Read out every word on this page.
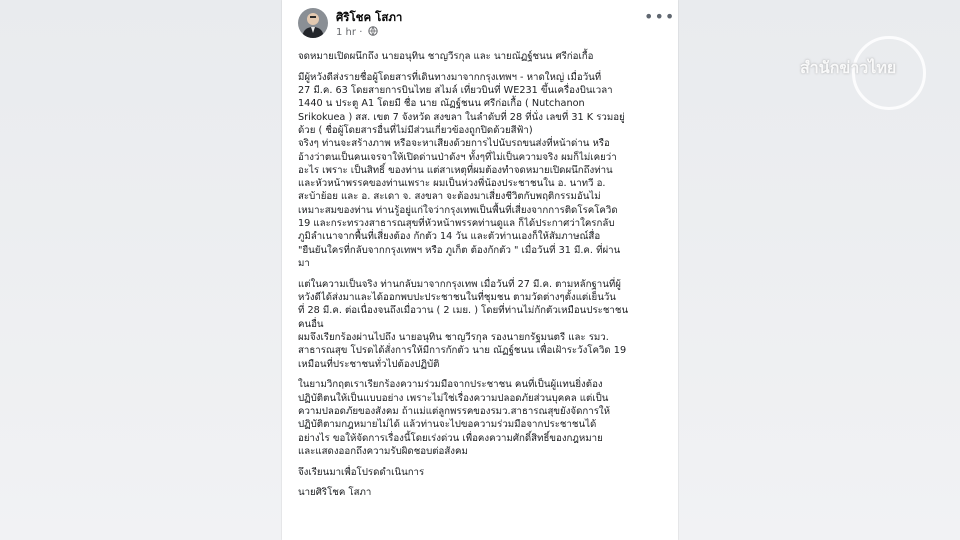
ศิริโชค โสภา
1 hr ·
•••

จดหมายเปิดผนึกถึง นายอนุทิน ชาญวีรกุล และ นายณัฏฐ์ชนน ศรีก่อเกื้อ

มีผู้หวังดีส่งรายชื่อผู้โดยสารที่เดินทางมาจากกรุงเทพฯ - หาดใหญ่ เมื่อวันที่
27 มี.ค. 63 โดยสายการบินไทย สไมล์ เที่ยวบินที่ WE231 ขึ้นเครื่องบินเวลา
1440 น ประตู A1 โดยมี ชื่อ นาย ณัฏฐ์ชนน ศรีก่อเกื้อ ( Nutchanon
Srikokuea ) สส. เขต 7 จังหวัด สงขลา ในลำดับที่ 28 ที่นั่ง เลขที่ 31 K รวมอยู่
ด้วย ( ชื่อผู้โดยสารอื่นที่ไม่มีส่วนเกี่ยวข้องถูกปิดด้วยสีฟ้า)
จริงๆ ท่านจะสร้างภาพ หรือจะหาเสียงด้วยการไปนับรถขนส่งที่หน้าด่าน หรือ
อ้างว่าตนเป็นคนเจรจาให้เปิดด่านป่าดังฯ ทั้งๆที่ไม่เป็นความจริง ผมก็ไม่เคยว่า
อะไร เพราะ เป็นสิทธิ์ ของท่าน แต่สาเหตุที่ผมต้องทำจดหมายเปิดผนึกถึงท่าน
และหัวหน้าพรรคของท่านเพราะ ผมเป็นห่วงพี่น้องประชาชนใน อ. นาทวี อ.
สะบ้าย้อย และ อ. สะเดา จ. สงขลา จะต้องมาเสี่ยงชีวิตกับพฤติกรรมอันไม่
เหมาะสมของท่าน ท่านรู้อยู่แก่ใจว่ากรุงเทพเป็นพื้นที่เสี่ยงจากการติดโรคโควิด
19 และกระทรวงสาธารณสุขที่หัวหน้าพรรคท่านดูแล ก็ได้ประกาศว่าใครกลับ
ภูมิลำเนาจากพื้นที่เสี่ยงต้อง กักตัว 14 วัน และตัวท่านเองก็ให้สัมภาษณ์สื่อ
"ยืนยันใครที่กลับจากกรุงเทพฯ หรือ ภูเก็ต ต้องกักตัว " เมื่อวันที่ 31 มี.ค. ที่ผ่าน
มา

แต่ในความเป็นจริง ท่านกลับมาจากกรุงเทพ เมื่อวันที่ 27 มี.ค. ตามหลักฐานที่ผู้
หวังดีได้ส่งมาและได้ออกพบปะประชาชนในที่ชุมชน ตามวัดต่างๆตั้งแต่เย็นวัน
ที่ 28 มี.ค. ต่อเนื่องจนถึงเมื่อวาน ( 2 เมย. ) โดยที่ท่านไม่กักตัวเหมือนประชาชน
คนอื่น
ผมจึงเรียกร้องผ่านไปถึง นายอนุทิน ชาญวีรกุล รองนายกรัฐมนตรี และ รมว.
สาธารณสุข โปรดได้สั่งการให้มีการกักตัว นาย ณัฏฐ์ชนน เพื่อเฝ้าระวังโควิด 19
เหมือนที่ประชาชนทั่วไปต้องปฏิบัติ

ในยามวิกฤตเราเรียกร้องความร่วมมือจากประชาชน คนที่เป็นผู้แทนยิ่งต้อง
ปฏิบัติตนให้เป็นแบบอย่าง เพราะไม่ใช่เรื่องความปลอดภัยส่วนบุคคล แต่เป็น
ความปลอดภัยของสังคม ถ้าแม่แต่ลูกพรรคของรมว.สาธารณสุขยังจัดการให้
ปฏิบัติตามกฎหมายไม่ได้ แล้วท่านจะไปขอความร่วมมือจากประชาชนได้
อย่างไร ขอให้จัดการเรื่องนี้โดยเร่งด่วน เพื่อคงความศักดิ์สิทธิ์ของกฎหมาย
และแสดงออกถึงความรับผิดชอบต่อสังคม

จึงเรียนมาเพื่อโปรดดำเนินการ

นายศิริโชค โสภา

สำนักข่าวไทย
